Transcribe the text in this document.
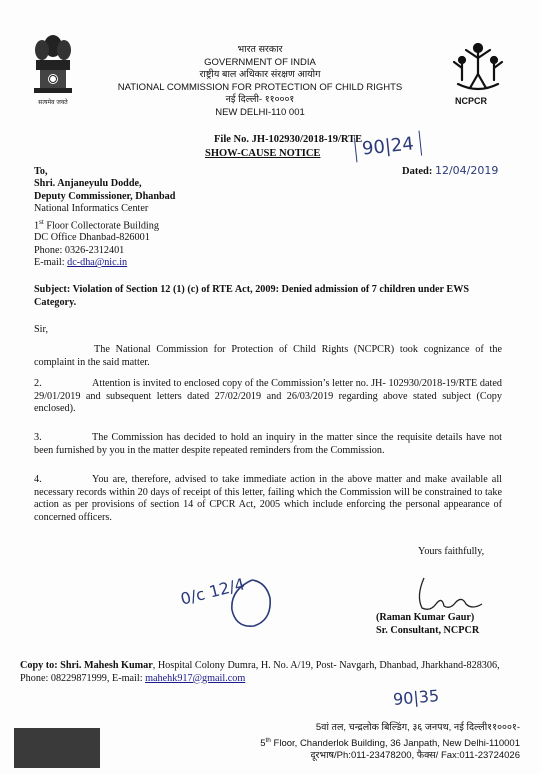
सत्यमेव जयते
भारत सरकार
GOVERNMENT OF INDIA
राष्ट्रीय बाल अधिकार संरक्षण आयोग
NATIONAL COMMISSION FOR PROTECTION OF CHILD RIGHTS
नई दिल्ली- ११०००१
NEW DELHI-110 001
NCPCR
File No. JH-102930/2018-19/RTE
SHOW-CAUSE NOTICE
Dated: 12/04/2019
To,
Shri. Anjaneyulu Dodde,
Deputy Commissioner, Dhanbad
National Informatics Center
1st Floor Collectorate Building
DC Office Dhanbad-826001
Phone: 0326-2312401
E-mail: dc-dha@nic.in
Subject: Violation of Section 12 (1) (c) of RTE Act, 2009: Denied admission of 7 children under EWS Category.
Sir,
The National Commission for Protection of Child Rights (NCPCR) took cognizance of the complaint in the said matter.
2.	Attention is invited to enclosed copy of the Commission’s letter no. JH- 102930/2018-19/RTE dated 29/01/2019 and subsequent letters dated 27/02/2019 and 26/03/2019 regarding above stated subject (Copy enclosed).
3.	The Commission has decided to hold an inquiry in the matter since the requisite details have not been furnished by you in the matter despite repeated reminders from the Commission.
4.	You are, therefore, advised to take immediate action in the above matter and make available all necessary records within 20 days of receipt of this letter, failing which the Commission will be constrained to take action as per provisions of section 14 of CPCR Act, 2005 which include enforcing the personal appearance of concerned officers.
Yours faithfully,
(Raman Kumar Gaur)
Sr. Consultant, NCPCR
Copy to: Shri. Mahesh Kumar, Hospital Colony Dumra, H. No. A/19, Post- Navgarh, Dhanbad, Jharkhand-828306, Phone: 08229871999, E-mail: mahehk917@gmail.com
90|24
0/c 12/4
90|35
5वां तल, चन्द्रलोक बिल्डिंग, ३६ जनपथ, नई दिल्ली११०००१-
5th Floor, Chanderlok Building, 36 Janpath, New Delhi-110001
दूरभाष/Ph:011-23478200, फैक्स/ Fax:011-23724026
